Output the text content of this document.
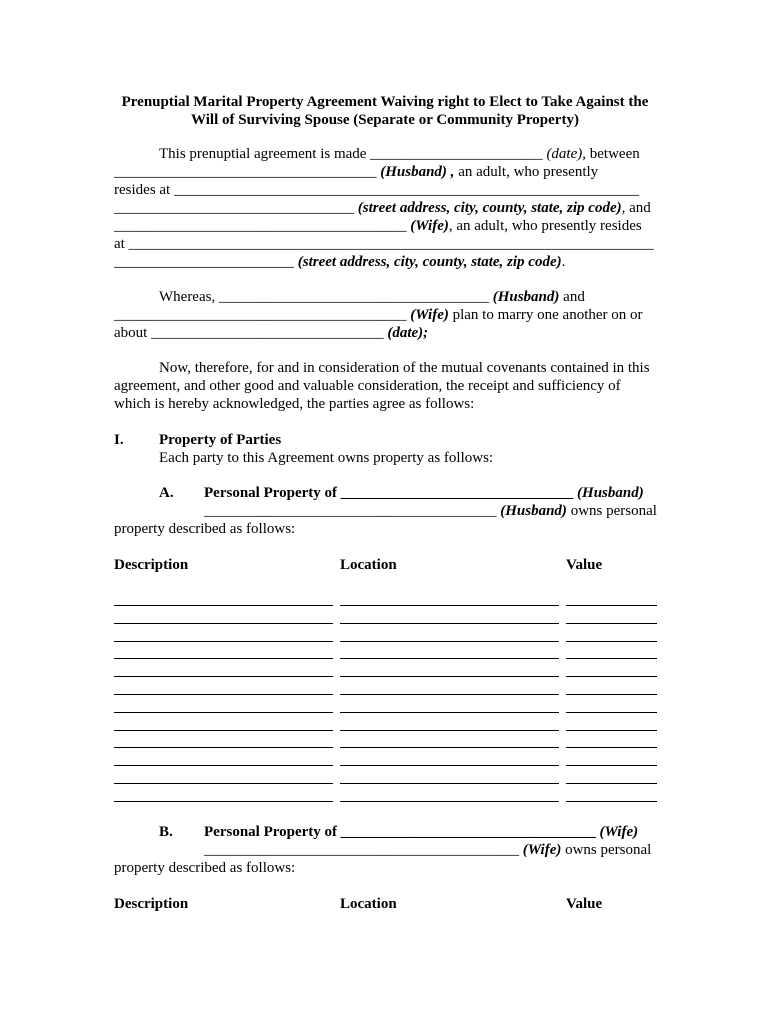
Prenuptial Marital Property Agreement Waiving right to Elect to Take Against the
Will of Surviving Spouse (Separate or Community Property)
This prenuptial agreement is made _______________________ (date), between
___________________________________ (Husband) , an adult, who presently
resides at ______________________________________________________________
________________________________ (street address, city, county, state, zip code), and
_______________________________________ (Wife), an adult, who presently resides
at ______________________________________________________________________
________________________ (street address, city, county, state, zip code).
Whereas, ____________________________________ (Husband) and
_______________________________________ (Wife) plan to marry one another on or
about _______________________________ (date);
Now, therefore, for and in consideration of the mutual covenants contained in this
agreement, and other good and valuable consideration, the receipt and sufficiency of
which is hereby acknowledged, the parties agree as follows:
I. Property of Parties
Each party to this Agreement owns property as follows:
A. Personal Property of _______________________________ (Husband)
_______________________________________ (Husband) owns personal
property described as follows:
Description	Location	Value
B. Personal Property of __________________________________ (Wife)
__________________________________________ (Wife) owns personal
property described as follows:
Description	Location	Value
